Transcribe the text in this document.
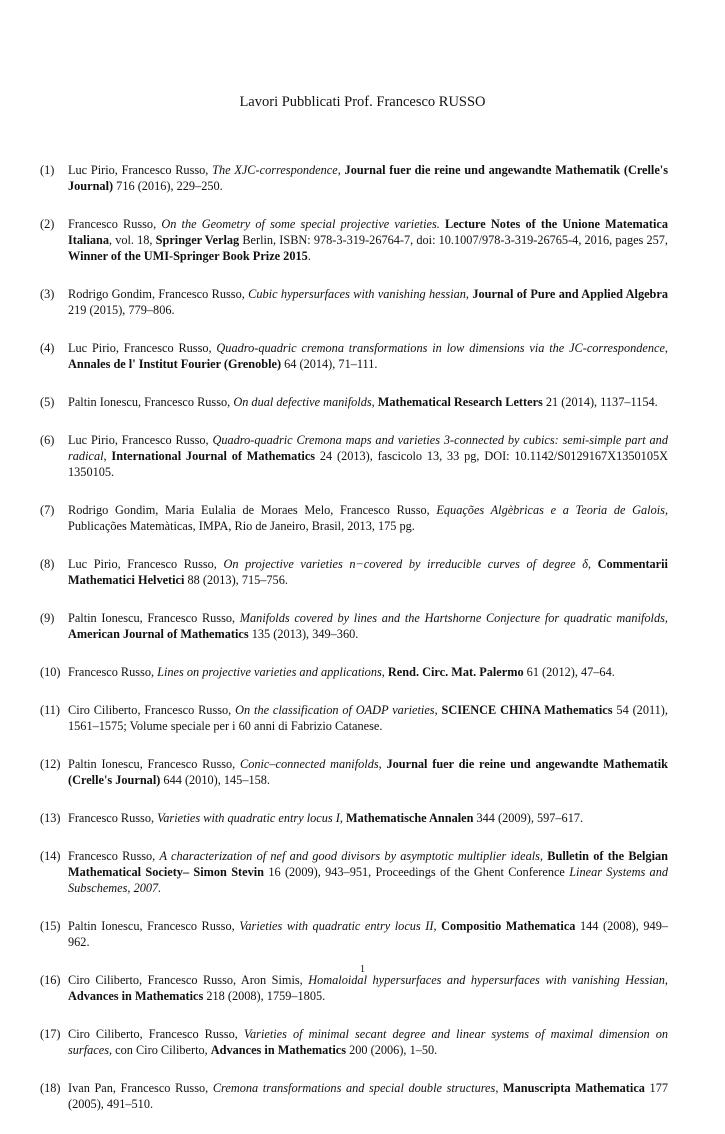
Lavori Pubblicati Prof. Francesco RUSSO
(1)	Luc Pirio, Francesco Russo, The XJC-correspondence, Journal fuer die reine und angewandte Mathematik (Crelle's Journal) 716 (2016), 229–250.
(2)	Francesco Russo, On the Geometry of some special projective varieties. Lecture Notes of the Unione Matematica Italiana, vol. 18, Springer Verlag Berlin, ISBN: 978-3-319-26764-7, doi: 10.1007/978-3-319-26765-4, 2016, pages 257, Winner of the UMI-Springer Book Prize 2015.
(3)	Rodrigo Gondim, Francesco Russo, Cubic hypersurfaces with vanishing hessian, Journal of Pure and Applied Algebra 219 (2015), 779–806.
(4)	Luc Pirio, Francesco Russo, Quadro-quadric cremona transformations in low dimensions via the JC-correspondence, Annales de l' Institut Fourier (Grenoble) 64 (2014), 71–111.
(5)	Paltin Ionescu, Francesco Russo, On dual defective manifolds, Mathematical Research Letters 21 (2014), 1137–1154.
(6)	Luc Pirio, Francesco Russo, Quadro-quadric Cremona maps and varieties 3-connected by cubics: semi-simple part and radical, International Journal of Mathematics 24 (2013), fascicolo 13, 33 pg, DOI: 10.1142/S0129167X1350105X 1350105.
(7)	Rodrigo Gondim, Maria Eulalia de Moraes Melo, Francesco Russo, Equações Algèbricas e a Teoria de Galois, Publicações Matemàticas, IMPA, Rio de Janeiro, Brasil, 2013, 175 pg.
(8)	Luc Pirio, Francesco Russo, On projective varieties n−covered by irreducible curves of degree δ, Commentarii Mathematici Helvetici 88 (2013), 715–756.
(9)	Paltin Ionescu, Francesco Russo, Manifolds covered by lines and the Hartshorne Conjecture for quadratic manifolds, American Journal of Mathematics 135 (2013), 349–360.
(10) Francesco Russo, Lines on projective varieties and applications, Rend. Circ. Mat. Palermo 61 (2012), 47–64.
(11) Ciro Ciliberto, Francesco Russo, On the classification of OADP varieties, SCIENCE CHINA Mathematics 54 (2011), 1561–1575; Volume speciale per i 60 anni di Fabrizio Catanese.
(12) Paltin Ionescu, Francesco Russo, Conic–connected manifolds, Journal fuer die reine und angewandte Mathematik (Crelle's Journal) 644 (2010), 145–158.
(13) Francesco Russo, Varieties with quadratic entry locus I, Mathematische Annalen 344 (2009), 597–617.
(14) Francesco Russo, A characterization of nef and good divisors by asymptotic multiplier ideals, Bulletin of the Belgian Mathematical Society– Simon Stevin 16 (2009), 943–951, Proceedings of the Ghent Conference Linear Systems and Subschemes, 2007.
(15) Paltin Ionescu, Francesco Russo, Varieties with quadratic entry locus II, Compositio Mathematica 144 (2008), 949–962.
(16) Ciro Ciliberto, Francesco Russo, Aron Simis, Homaloidal hypersurfaces and hypersurfaces with vanishing Hessian, Advances in Mathematics 218 (2008), 1759–1805.
(17) Ciro Ciliberto, Francesco Russo, Varieties of minimal secant degree and linear systems of maximal dimension on surfaces, con Ciro Ciliberto, Advances in Mathematics 200 (2006), 1–50.
(18) Ivan Pan, Francesco Russo, Cremona transformations and special double structures, Manuscripta Mathematica 177 (2005), 491–510.
1
